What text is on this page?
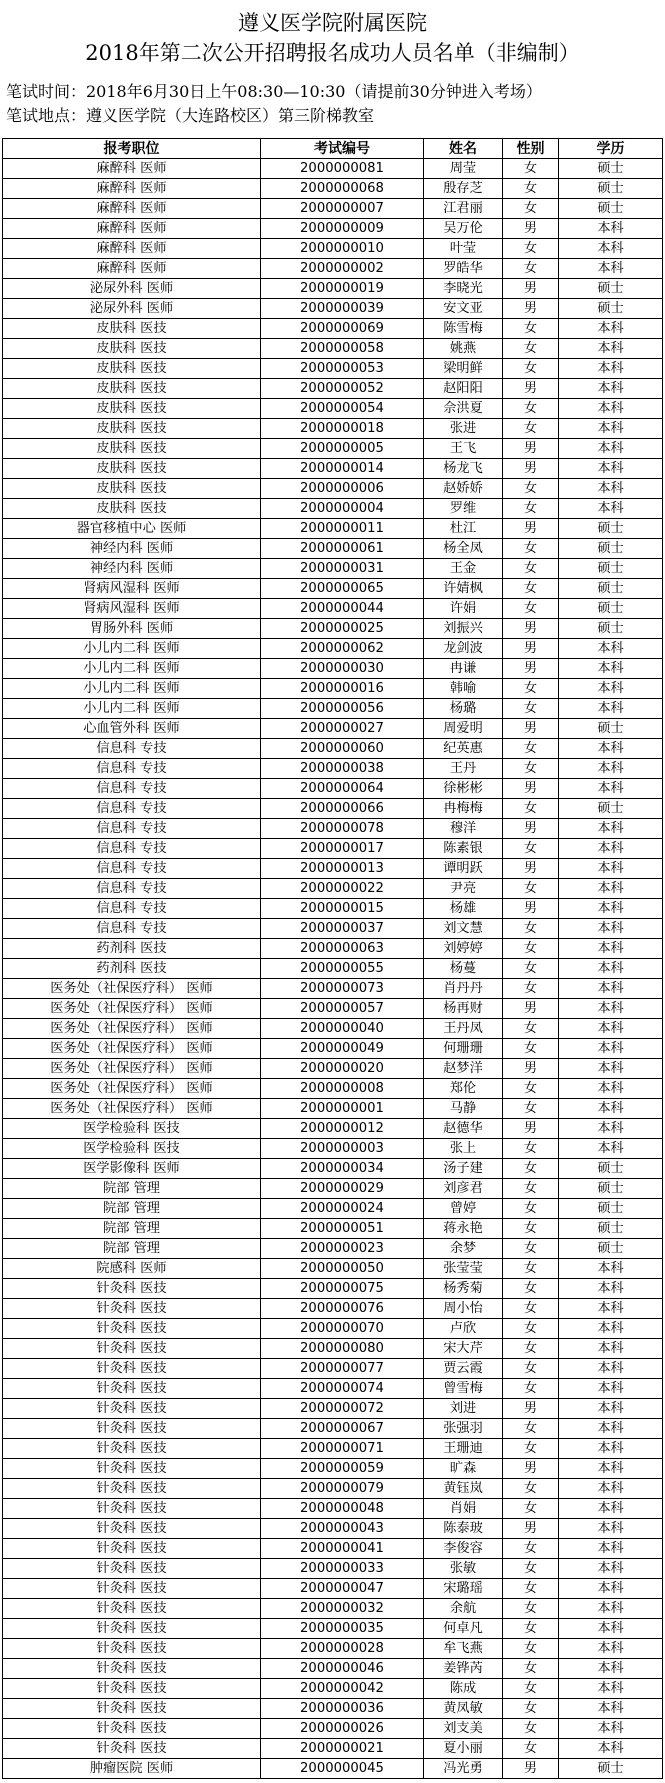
遵义医学院附属医院
2018年第二次公开招聘报名成功人员名单（非编制）
笔试时间：2018年6月30日上午08:30—10:30（请提前30分钟进入考场）
笔试地点：遵义医学院（大连路校区）第三阶梯教室
报考职位	考试编号	姓名	性别	学历
麻醉科 医师	2000000081	周莹	女	硕士
麻醉科 医师	2000000068	殷存芝	女	硕士
麻醉科 医师	2000000007	江君丽	女	硕士
麻醉科 医师	2000000009	吴万伦	男	本科
麻醉科 医师	2000000010	叶莹	女	本科
麻醉科 医师	2000000002	罗皓华	女	本科
泌尿外科 医师	2000000019	李晓光	男	硕士
泌尿外科 医师	2000000039	安文亚	男	硕士
皮肤科 医技	2000000069	陈雪梅	女	本科
皮肤科 医技	2000000058	姚燕	女	本科
皮肤科 医技	2000000053	梁明鲜	女	本科
皮肤科 医技	2000000052	赵阳阳	男	本科
皮肤科 医技	2000000054	佘洪夏	女	本科
皮肤科 医技	2000000018	张进	女	本科
皮肤科 医技	2000000005	王飞	男	本科
皮肤科 医技	2000000014	杨龙飞	男	本科
皮肤科 医技	2000000006	赵娇娇	女	本科
皮肤科 医技	2000000004	罗维	女	本科
器官移植中心 医师	2000000011	杜江	男	硕士
神经内科 医师	2000000061	杨全凤	女	硕士
神经内科 医师	2000000031	王金	女	硕士
肾病风湿科 医师	2000000065	许婧枫	女	硕士
肾病风湿科 医师	2000000044	许娟	女	硕士
胃肠外科 医师	2000000025	刘振兴	男	硕士
小儿内二科 医师	2000000062	龙剑波	男	本科
小儿内二科 医师	2000000030	冉谦	男	本科
小儿内二科 医师	2000000016	韩喻	女	本科
小儿内二科 医师	2000000056	杨璐	女	本科
心血管外科 医师	2000000027	周爱明	男	硕士
信息科 专技	2000000060	纪英惠	女	本科
信息科 专技	2000000038	王丹	女	本科
信息科 专技	2000000064	徐彬彬	男	本科
信息科 专技	2000000066	冉梅梅	女	硕士
信息科 专技	2000000078	穆洋	男	本科
信息科 专技	2000000017	陈素银	女	本科
信息科 专技	2000000013	谭明跃	男	本科
信息科 专技	2000000022	尹亮	女	本科
信息科 专技	2000000015	杨雄	男	本科
信息科 专技	2000000037	刘文慧	女	本科
药剂科 医技	2000000063	刘婷婷	女	本科
药剂科 医技	2000000055	杨蔓	女	本科
医务处（社保医疗科） 医师	2000000073	肖丹丹	女	本科
医务处（社保医疗科） 医师	2000000057	杨再财	男	本科
医务处（社保医疗科） 医师	2000000040	王丹凤	女	本科
医务处（社保医疗科） 医师	2000000049	何珊珊	女	本科
医务处（社保医疗科） 医师	2000000020	赵梦洋	男	本科
医务处（社保医疗科） 医师	2000000008	郑伦	女	本科
医务处（社保医疗科） 医师	2000000001	马静	女	本科
医学检验科 医技	2000000012	赵德华	男	本科
医学检验科 医技	2000000003	张上	女	本科
医学影像科 医师	2000000034	汤子建	女	硕士
院部 管理	2000000029	刘彦君	女	硕士
院部 管理	2000000024	曾婷	女	硕士
院部 管理	2000000051	蒋永艳	女	硕士
院部 管理	2000000023	余梦	女	硕士
院感科 医师	2000000050	张莹莹	女	本科
针灸科 医技	2000000075	杨秀菊	女	本科
针灸科 医技	2000000076	周小怡	女	本科
针灸科 医技	2000000070	卢欣	女	本科
针灸科 医技	2000000080	宋大芹	女	本科
针灸科 医技	2000000077	贾云霞	女	本科
针灸科 医技	2000000074	曾雪梅	女	本科
针灸科 医技	2000000072	刘进	男	本科
针灸科 医技	2000000067	张强羽	女	本科
针灸科 医技	2000000071	王珊迪	女	本科
针灸科 医技	2000000059	旷森	男	本科
针灸科 医技	2000000079	黄钰岚	女	本科
针灸科 医技	2000000048	肖娟	女	本科
针灸科 医技	2000000043	陈泰玻	男	本科
针灸科 医技	2000000041	李俊容	女	本科
针灸科 医技	2000000033	张敏	女	本科
针灸科 医技	2000000047	宋璐瑶	女	本科
针灸科 医技	2000000032	余航	女	本科
针灸科 医技	2000000035	何卓凡	女	本科
针灸科 医技	2000000028	牟飞燕	女	本科
针灸科 医技	2000000046	姜铧芮	女	本科
针灸科 医技	2000000042	陈成	女	本科
针灸科 医技	2000000036	黄凤敏	女	本科
针灸科 医技	2000000026	刘支美	女	本科
针灸科 医技	2000000021	夏小丽	女	本科
肿瘤医院 医师	2000000045	冯光勇	男	硕士
